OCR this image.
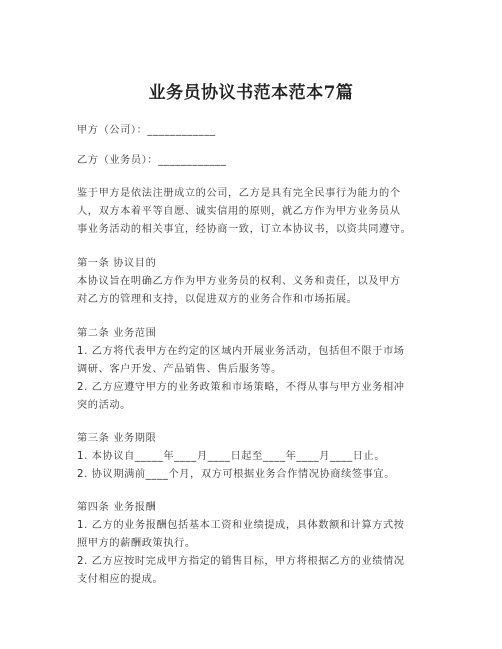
业务员协议书范本范本7篇
甲方（公司）：____________
乙方（业务员）：____________
鉴于甲方是依法注册成立的公司，乙方是具有完全民事行为能力的个
人，双方本着平等自愿、诚实信用的原则，就乙方作为甲方业务员从
事业务活动的相关事宜，经协商一致，订立本协议书，以资共同遵守。
第一条 协议目的
本协议旨在明确乙方作为甲方业务员的权利、义务和责任，以及甲方
对乙方的管理和支持，以促进双方的业务合作和市场拓展。
第二条 业务范围
1. 乙方将代表甲方在约定的区域内开展业务活动，包括但不限于市场
调研、客户开发、产品销售、售后服务等。
2. 乙方应遵守甲方的业务政策和市场策略，不得从事与甲方业务相冲
突的活动。
第三条 业务期限
1. 本协议自_____年____月____日起至____年____月____日止。
2. 协议期满前____个月，双方可根据业务合作情况协商续签事宜。
第四条 业务报酬
1. 乙方的业务报酬包括基本工资和业绩提成，具体数额和计算方式按
照甲方的薪酬政策执行。
2. 乙方应按时完成甲方指定的销售目标，甲方将根据乙方的业绩情况
支付相应的提成。
